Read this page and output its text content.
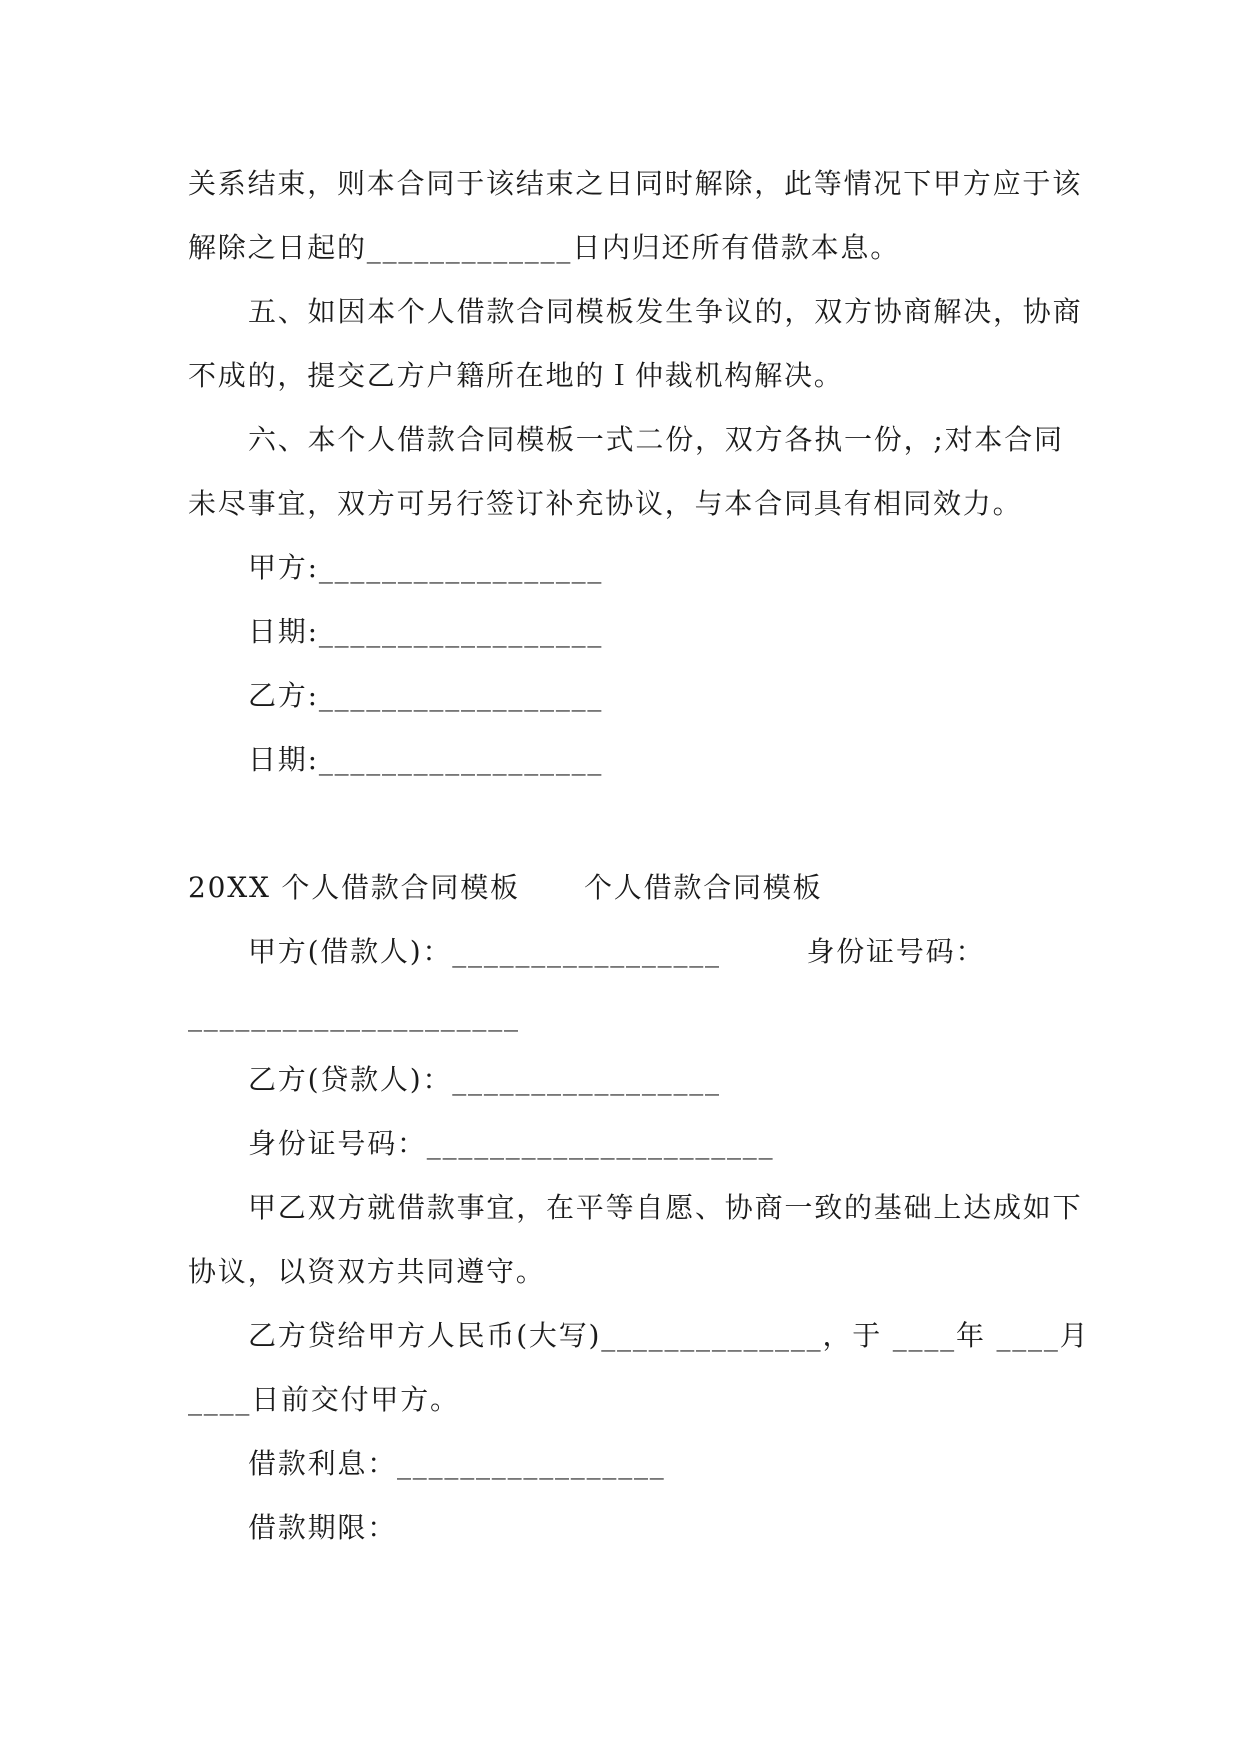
关系结束，则本合同于该结束之日同时解除，此等情况下甲方应于该
解除之日起的_____________日内归还所有借款本息。
五、如因本个人借款合同模板发生争议的，双方协商解决，协商
不成的，提交乙方户籍所在地的Ｉ仲裁机构解决。
六、本个人借款合同模板一式二份，双方各执一份，;对本合同
未尽事宜，双方可另行签订补充协议，与本合同具有相同效力。
甲方:__________________
日期:__________________
乙方:__________________
日期:__________________
20XX 个人借款合同模板      个人借款合同模板
甲方(借款人)：_________________        身份证号码：
_____________________
乙方(贷款人)：_________________
身份证号码：______________________
甲乙双方就借款事宜，在平等自愿、协商一致的基础上达成如下
协议，以资双方共同遵守。
乙方贷给甲方人民币(大写)______________，于 ____年 ____月
____日前交付甲方。
借款利息：_________________
借款期限：
